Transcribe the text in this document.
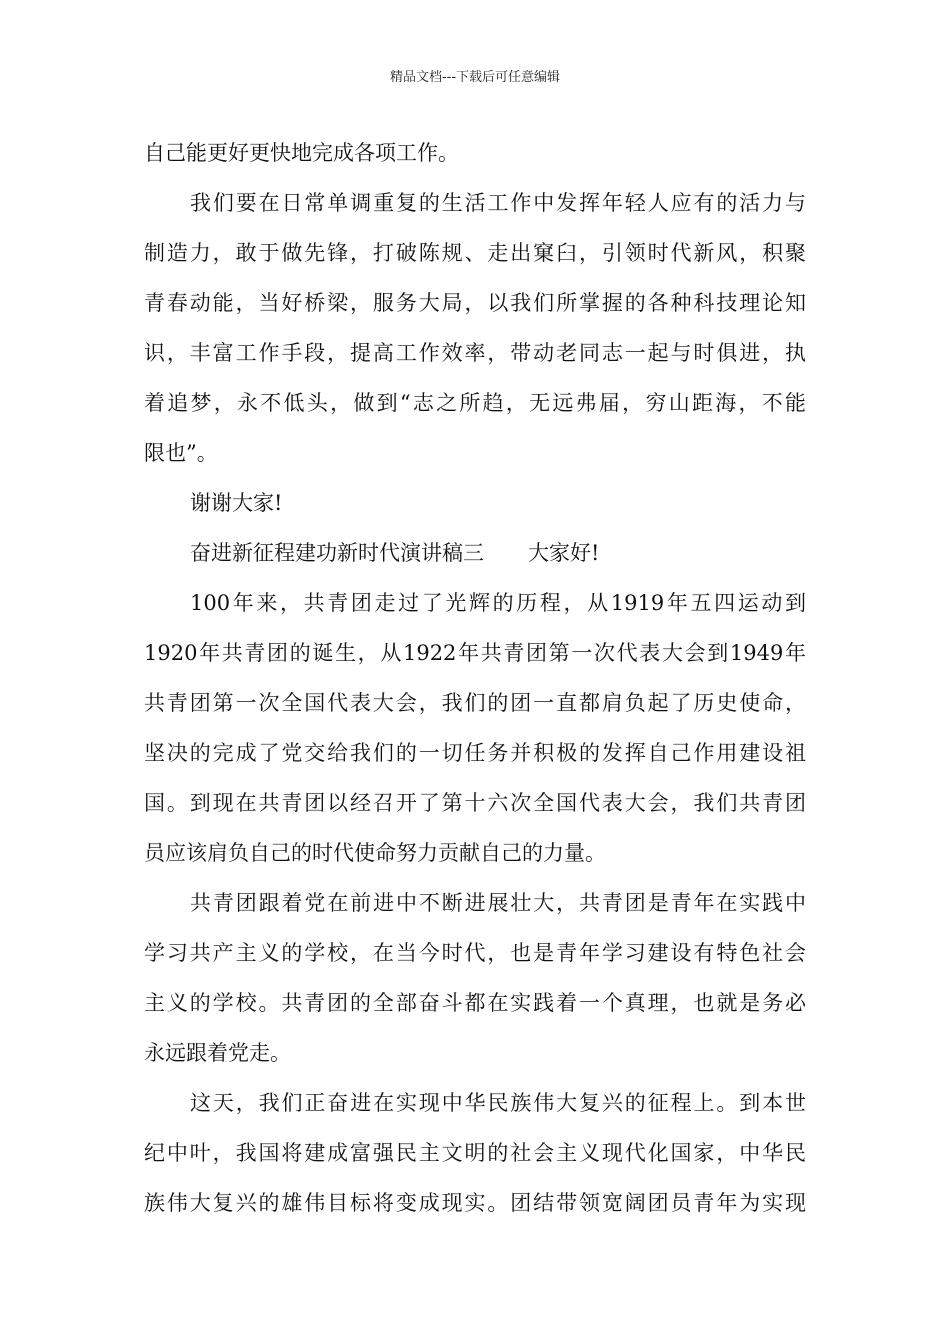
精品文档---下载后可任意编辑
自己能更好更快地完成各项工作。
我们要在日常单调重复的生活工作中发挥年轻人应有的活力与
制造力，敢于做先锋，打破陈规、走出窠臼，引领时代新风，积聚
青春动能，当好桥梁，服务大局，以我们所掌握的各种科技理论知
识，丰富工作手段，提高工作效率，带动老同志一起与时俱进，执
着追梦，永不低头，做到“志之所趋，无远弗届，穷山距海，不能
限也”。
谢谢大家!
奋进新征程建功新时代演讲稿三 大家好!
100年来，共青团走过了光辉的历程，从1919年五四运动到
1920年共青团的诞生，从1922年共青团第一次代表大会到1949年
共青团第一次全国代表大会，我们的团一直都肩负起了历史使命，
坚决的完成了党交给我们的一切任务并积极的发挥自己作用建设祖
国。到现在共青团以经召开了第十六次全国代表大会，我们共青团
员应该肩负自己的时代使命努力贡献自己的力量。
共青团跟着党在前进中不断进展壮大，共青团是青年在实践中
学习共产主义的学校，在当今时代，也是青年学习建设有特色社会
主义的学校。共青团的全部奋斗都在实践着一个真理，也就是务必
永远跟着党走。
这天，我们正奋进在实现中华民族伟大复兴的征程上。到本世
纪中叶，我国将建成富强民主文明的社会主义现代化国家，中华民
族伟大复兴的雄伟目标将变成现实。团结带领宽阔团员青年为实现
